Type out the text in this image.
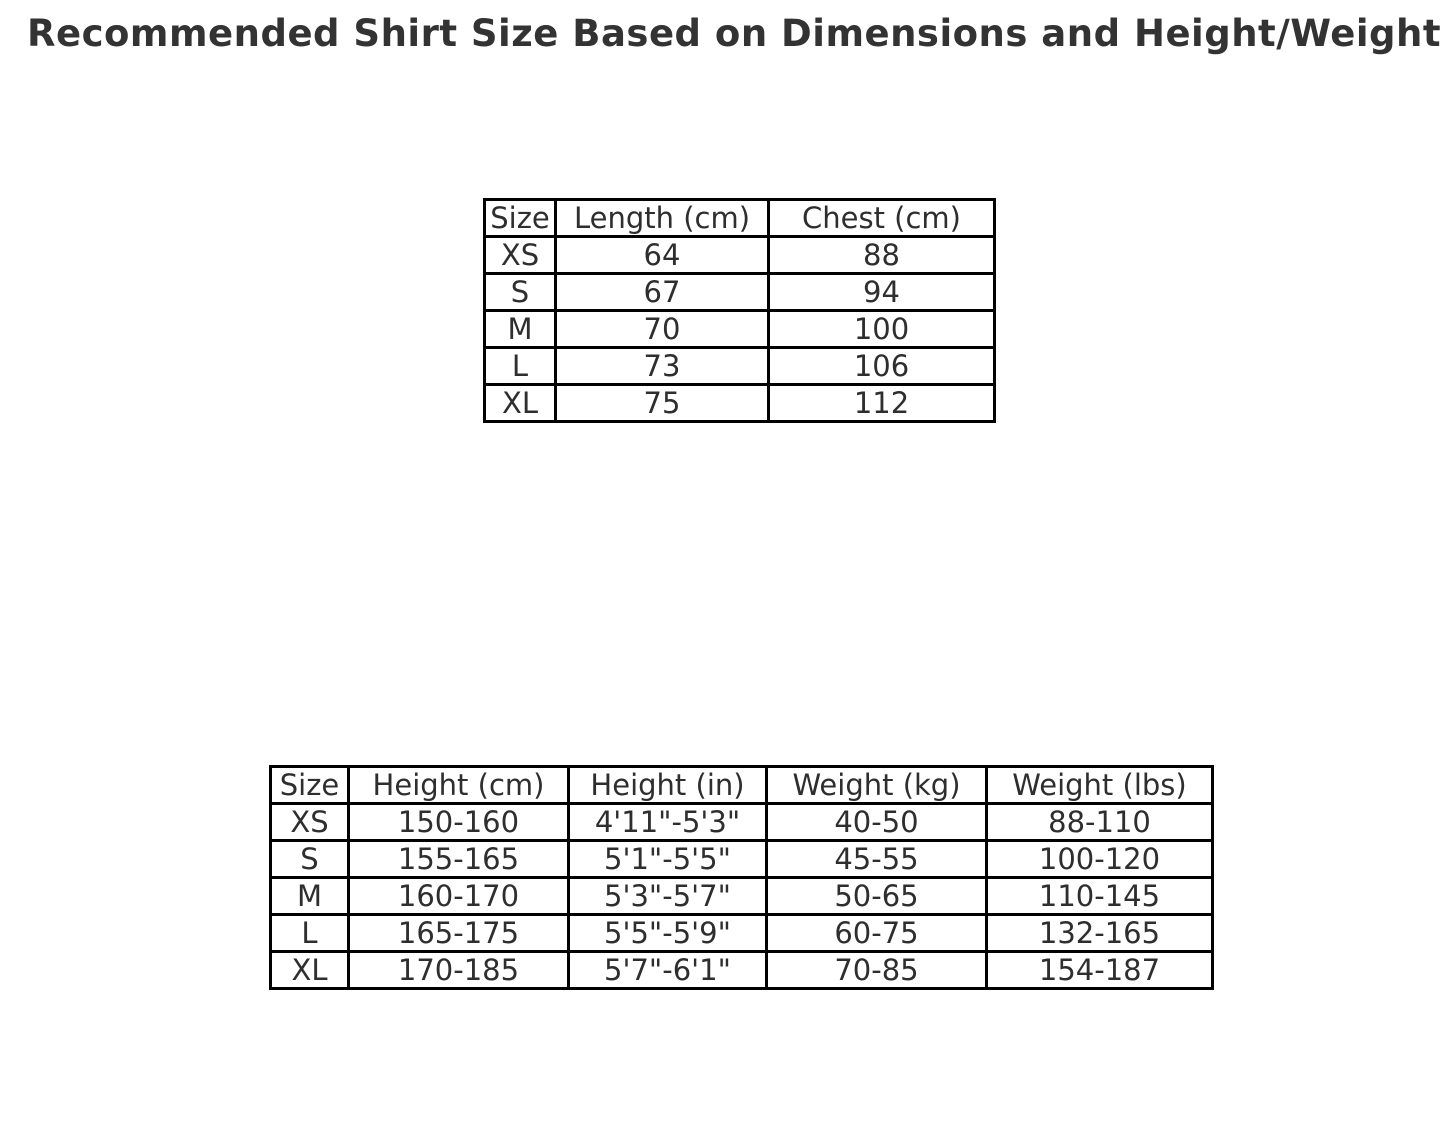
Recommended Shirt Size Based on Dimensions and Height/Weight
Size	Length (cm)	Chest (cm)
XS	64	88
S	67	94
M	70	100
L	73	106
XL	75	112
Size	Height (cm)	Height (in)	Weight (kg)	Weight (lbs)
XS	150-160	4'11"-5'3"	40-50	88-110
S	155-165	5'1"-5'5"	45-55	100-120
M	160-170	5'3"-5'7"	50-65	110-145
L	165-175	5'5"-5'9"	60-75	132-165
XL	170-185	5'7"-6'1"	70-85	154-187
